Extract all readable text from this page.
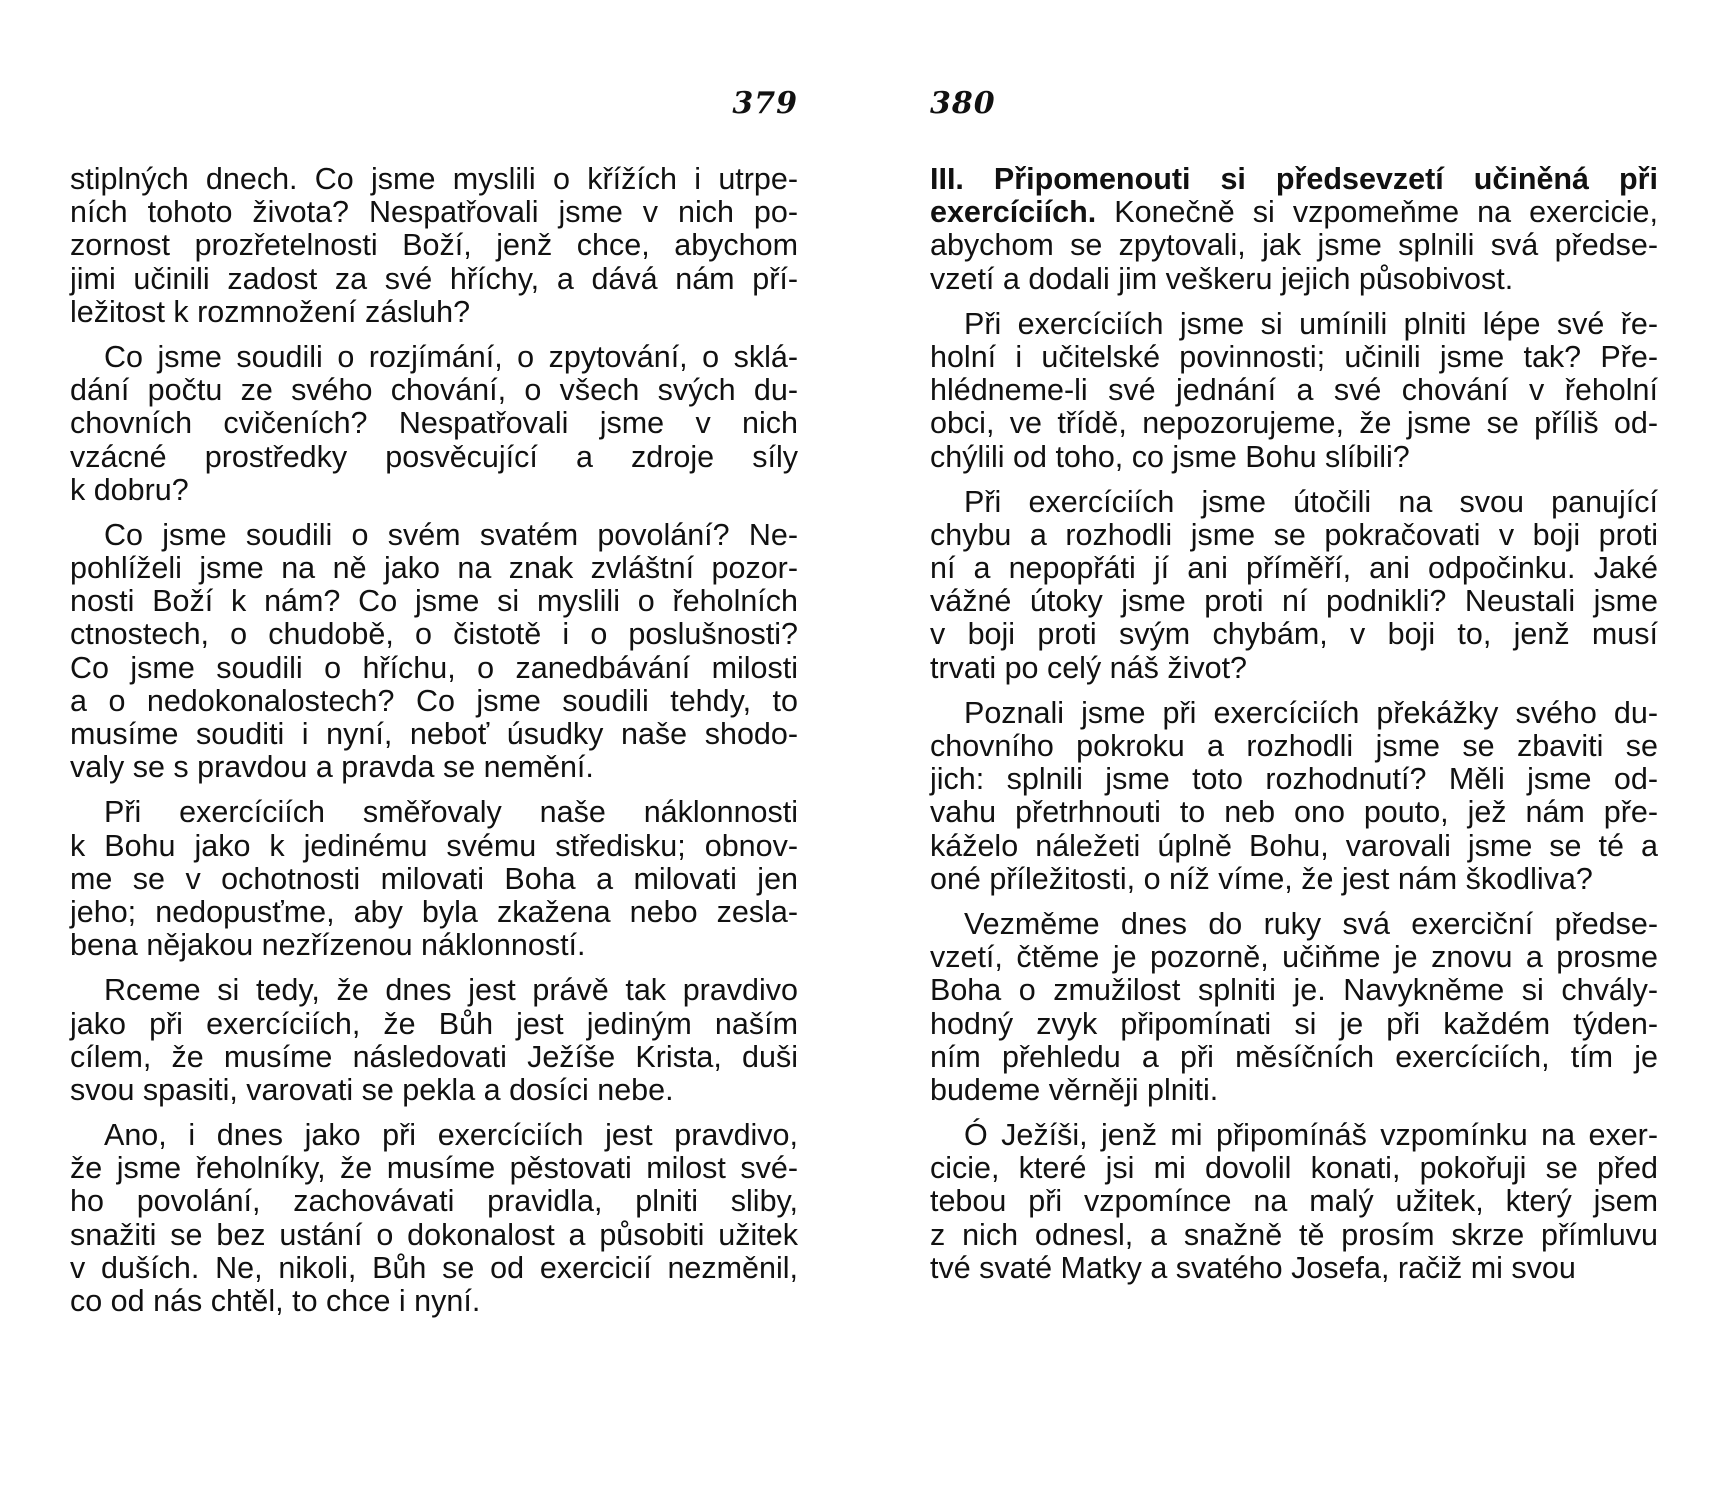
379
stiplných dnech. Co jsme myslili o křížích i utrpe-
ních tohoto života? Nespatřovali jsme v nich po-
zornost prozřetelnosti Boží, jenž chce, abychom
jimi učinili zadost za své hříchy, a dává nám pří-
ležitost k rozmnožení zásluh?
Co jsme soudili o rozjímání, o zpytování, o sklá-
dání počtu ze svého chování, o všech svých du-
chovních cvičeních? Nespatřovali jsme v nich
vzácné prostředky posvěcující a zdroje síly
k dobru?
Co jsme soudili o svém svatém povolání? Ne-
pohlíželi jsme na ně jako na znak zvláštní pozor-
nosti Boží k nám? Co jsme si myslili o řeholních
ctnostech, o chudobě, o čistotě i o poslušnosti?
Co jsme soudili o hříchu, o zanedbávání milosti
a o nedokonalostech? Co jsme soudili tehdy, to
musíme souditi i nyní, neboť úsudky naše shodo-
valy se s pravdou a pravda se nemění.
Při exercíciích směřovaly naše náklonnosti
k Bohu jako k jedinému svému středisku; obnov-
me se v ochotnosti milovati Boha a milovati jen
jeho; nedopusťme, aby byla zkažena nebo zesla-
bena nějakou nezřízenou náklonností.
Rceme si tedy, že dnes jest právě tak pravdivo
jako při exercíciích, že Bůh jest jediným naším
cílem, že musíme následovati Ježíše Krista, duši
svou spasiti, varovati se pekla a dosíci nebe.
Ano, i dnes jako při exercíciích jest pravdivo,
že jsme řeholníky, že musíme pěstovati milost své-
ho povolání, zachovávati pravidla, plniti sliby,
snažiti se bez ustání o dokonalost a působiti užitek
v duších. Ne, nikoli, Bůh se od exercicií nezměnil,
co od nás chtěl, to chce i nyní.
380
III. Připomenouti si předsevzetí učiněná při
exercíciích. Konečně si vzpomeňme na exercicie,
abychom se zpytovali, jak jsme splnili svá předse-
vzetí a dodali jim veškeru jejich působivost.
Při exercíciích jsme si umínili plniti lépe své ře-
holní i učitelské povinnosti; učinili jsme tak? Pře-
hlédneme-li své jednání a své chování v řeholní
obci, ve třídě, nepozorujeme, že jsme se příliš od-
chýlili od toho, co jsme Bohu slíbili?
Při exercíciích jsme útočili na svou panující
chybu a rozhodli jsme se pokračovati v boji proti
ní a nepopřáti jí ani příměří, ani odpočinku. Jaké
vážné útoky jsme proti ní podnikli? Neustali jsme
v boji proti svým chybám, v boji to, jenž musí
trvati po celý náš život?
Poznali jsme při exercíciích překážky svého du-
chovního pokroku a rozhodli jsme se zbaviti se
jich: splnili jsme toto rozhodnutí? Měli jsme od-
vahu přetrhnouti to neb ono pouto, jež nám pře-
káželo náležeti úplně Bohu, varovali jsme se té a
oné příležitosti, o níž víme, že jest nám škodliva?
Vezměme dnes do ruky svá exerciční předse-
vzetí, čtěme je pozorně, učiňme je znovu a prosme
Boha o zmužilost splniti je. Navykněme si chvály-
hodný zvyk připomínati si je při každém týden-
ním přehledu a při měsíčních exercíciích, tím je
budeme věrněji plniti.
Ó Ježíši, jenž mi připomínáš vzpomínku na exer-
cicie, které jsi mi dovolil konati, pokořuji se před
tebou při vzpomínce na malý užitek, který jsem
z nich odnesl, a snažně tě prosím skrze přímluvu
tvé svaté Matky a svatého Josefa, račiž mi svou
